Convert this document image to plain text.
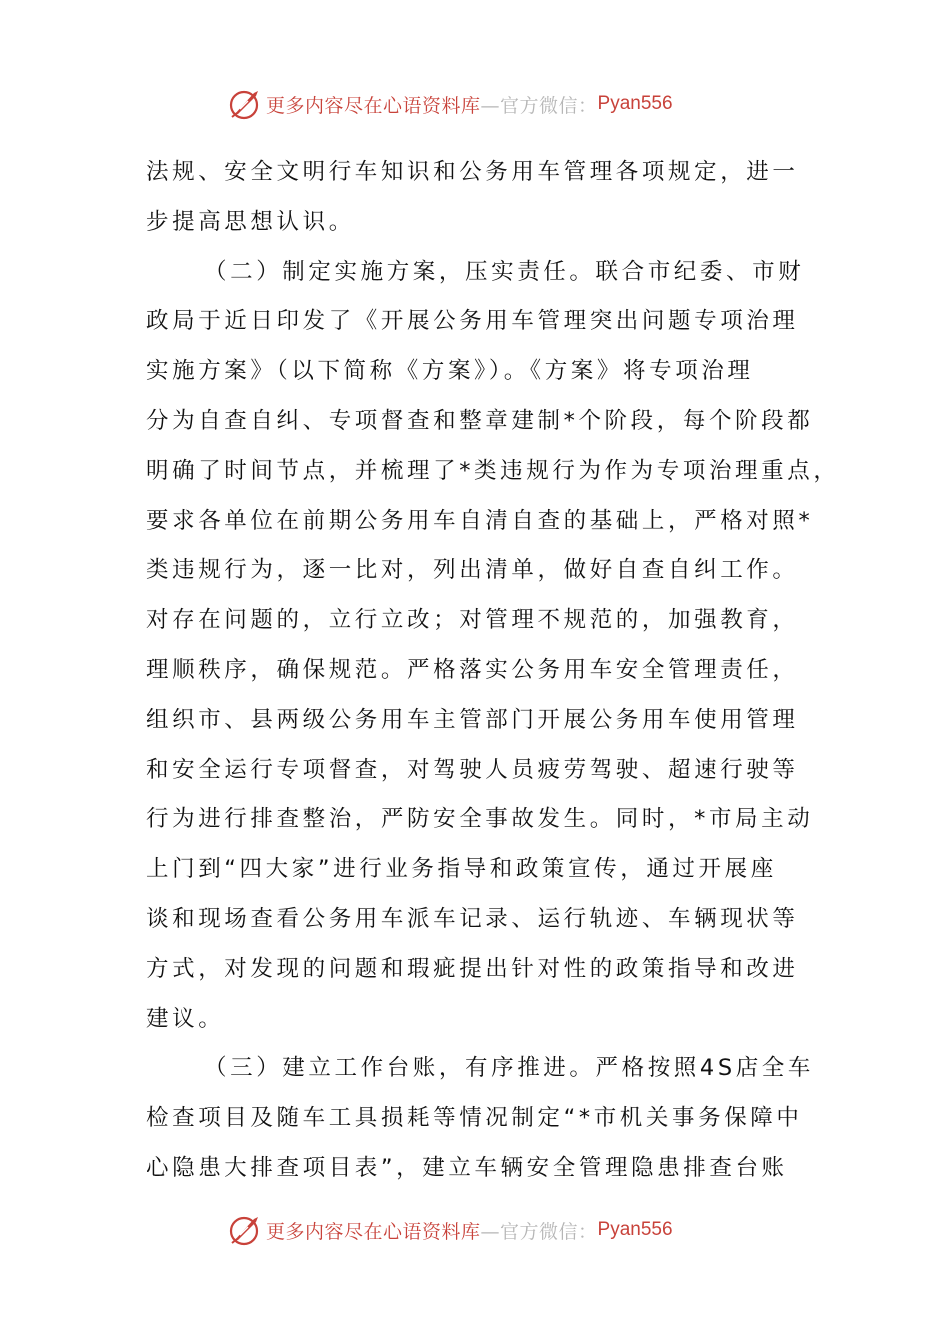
更多内容尽在心语资料库 —官方微信： Pyan556
法规、安全文明行车知识和公务用车管理各项规定，进一
步提高思想认识。
（二）制定实施方案，压实责任。联合市纪委、市财
政局于近日印发了《开展公务用车管理突出问题专项治理
实施方案》（以下简称《方案》）。《方案》将专项治理
分为自查自纠、专项督查和整章建制*个阶段，每个阶段都
明确了时间节点，并梳理了*类违规行为作为专项治理重点，
要求各单位在前期公务用车自清自查的基础上，严格对照*
类违规行为，逐一比对，列出清单，做好自查自纠工作。
对存在问题的，立行立改；对管理不规范的，加强教育，
理顺秩序，确保规范。严格落实公务用车安全管理责任，
组织市、县两级公务用车主管部门开展公务用车使用管理
和安全运行专项督查，对驾驶人员疲劳驾驶、超速行驶等
行为进行排查整治，严防安全事故发生。同时，*市局主动
上门到“四大家”进行业务指导和政策宣传，通过开展座
谈和现场查看公务用车派车记录、运行轨迹、车辆现状等
方式，对发现的问题和瑕疵提出针对性的政策指导和改进
建议。
（三）建立工作台账，有序推进。严格按照4S店全车
检查项目及随车工具损耗等情况制定“*市机关事务保障中
心隐患大排查项目表”，建立车辆安全管理隐患排查台账
更多内容尽在心语资料库 —官方微信： Pyan556
